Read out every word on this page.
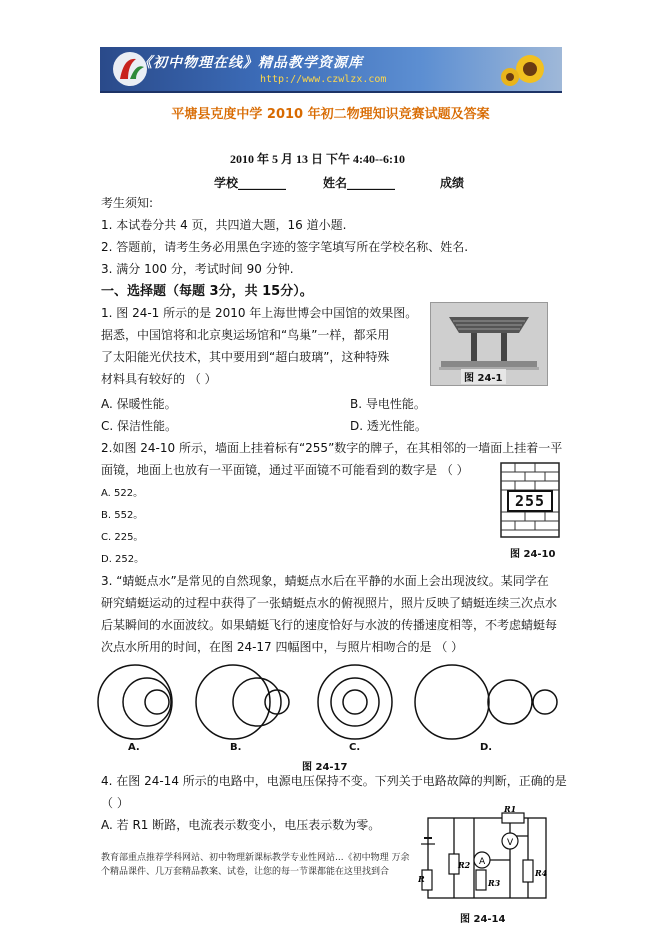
《初中物理在线》精品教学资源库
http://www.czwlzx.com
平塘县克度中学 2010 年初二物理知识竞赛试题及答案
2010 年 5 月 13 日 下午 4:40--6:10
学校________	姓名________	成绩
考生须知:
1. 本试卷分共 4 页，共四道大题，16 道小题.
2. 答题前，请考生务必用黑色字迹的签字笔填写所在学校名称、姓名.
3. 满分 100 分，考试时间 90 分钟.
一、选择题（每题 3分，共 15分）。
1. 图 24-1 所示的是 2010 年上海世博会中国馆的效果图。
据悉，中国馆将和北京奥运场馆和“鸟巢”一样，都采用
了太阳能光伏技术，其中要用到“超白玻璃”，这种特殊
材料具有较好的 （ ）	图 24-1
A. 保暖性能。	B. 导电性能。
C. 保洁性能。	D. 透光性能。
2.如图 24-10 所示，墙面上挂着标有“255”数字的牌子，在其相邻的一墙面上挂着一平
面镜，地面上也放有一平面镜，通过平面镜不可能看到的数字是 （ ）
A. 522。
B. 552。
C. 225。
D. 252。
255
图 24-10
3. “蜻蜓点水”是常见的自然现象，蜻蜓点水后在平静的水面上会出现波纹。某同学在
研究蜻蜓运动的过程中获得了一张蜻蜓点水的俯视照片，照片反映了蜻蜓连续三次点水
后某瞬间的水面波纹。如果蜻蜓飞行的速度恰好与水波的传播速度相等，不考虑蜻蜓每
次点水所用的时间，在图 24-17 四幅图中，与照片相吻合的是 （ ）
A.	B.	C.	D.
图 24-17
4. 在图 24-14 所示的电路中，电源电压保持不变。下列关于电路故障的判断，正确的是
（ ）
A. 若 R1 断路，电流表示数变小，电压表示数为零。
A
V
R1
R2
R3
R4
R
图 24-14
教育部重点推荐学科网站、初中物理新课标教学专业性网站...《初中物理 万余
个精品课件、几万套精品教案、试卷，让您的每一节课都能在这里找到合
